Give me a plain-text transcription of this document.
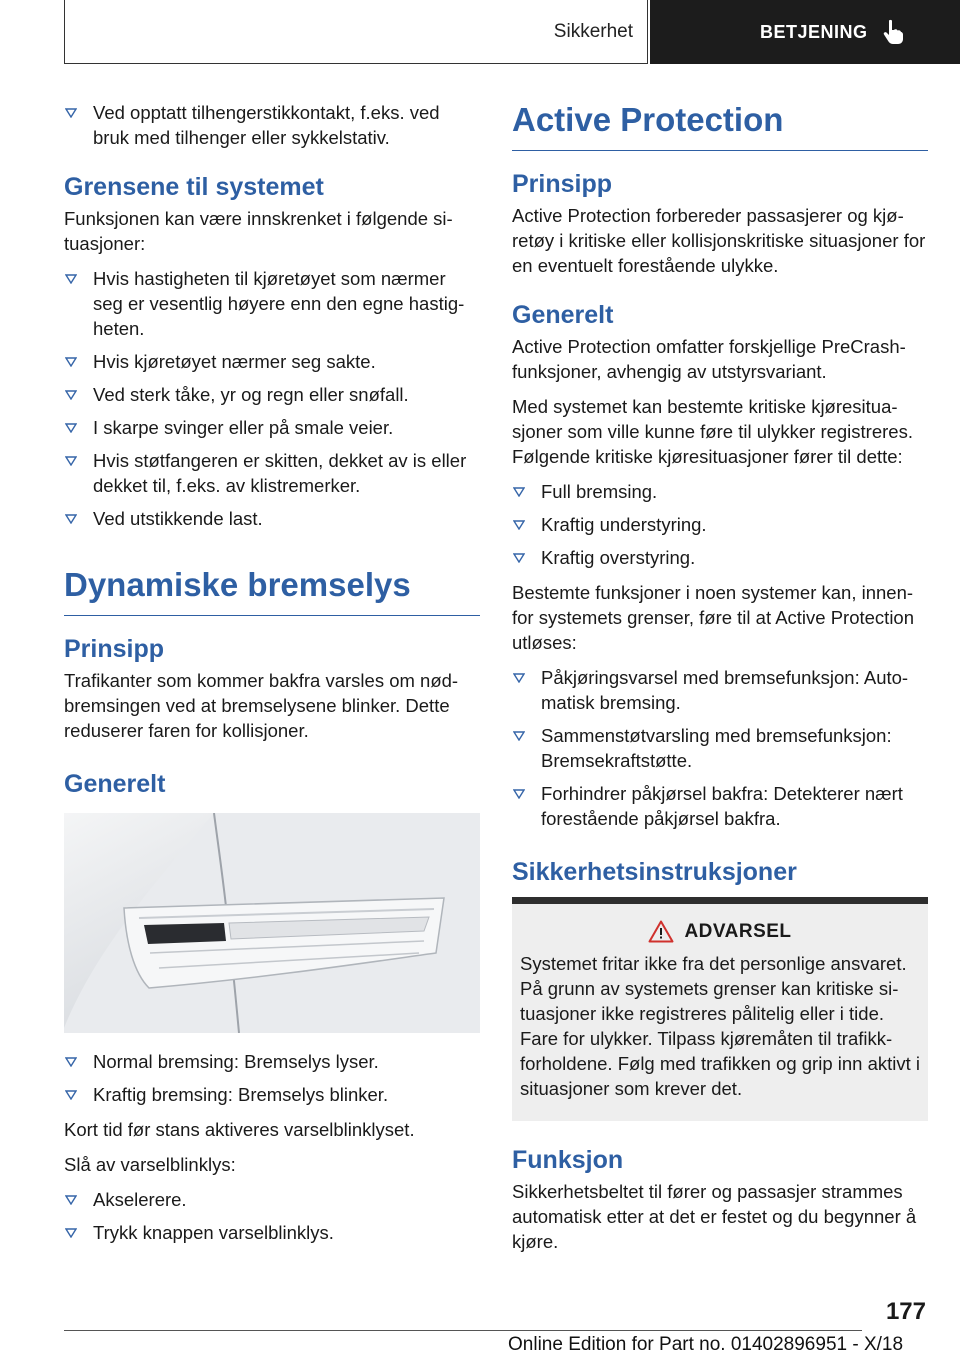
Sikkerhet	BETJENING
Ved opptatt tilhengerstikkontakt, f.eks. ved bruk med tilhenger eller sykkelstativ.
Grensene til systemet

Funksjonen kan være innskrenket i følgende situasjoner:

Hvis hastigheten til kjøretøyet som nærmer seg er vesentlig høyere enn den egne hastigheten.
Hvis kjøretøyet nærmer seg sakte.
Ved sterk tåke, yr og regn eller snøfall.
I skarpe svinger eller på smale veier.
Hvis støtfangeren er skitten, dekket av is eller dekket til, f.eks. av klistremerker.
Ved utstikkende last.
Dynamiske bremselys
Prinsipp

Trafikanter som kommer bakfra varsles om nødbremsingen ved at bremselysene blinker. Dette reduserer faren for kollisjoner.

Generelt
Normal bremsing: Bremselys lyser.
Kraftig bremsing: Bremselys blinker.

Kort tid før stans aktiveres varselblinklyset.

Slå av varselblinklys:

Akselerere.
Trykk knappen varselblinklys.
Active Protection
Prinsipp

Active Protection forbereder passasjerer og kjøretøy i kritiske eller kollisjonskritiske situasjoner for en eventuelt forestående ulykke.

Generelt

Active Protection omfatter forskjellige PreCrash-funksjoner, avhengig av utstyrsvariant.

Med systemet kan bestemte kritiske kjøresituasjoner som ville kunne føre til ulykker registreres. Følgende kritiske kjøresituasjoner fører til dette:

Full bremsing.
Kraftig understyring.
Kraftig overstyring.

Bestemte funksjoner i noen systemer kan, innenfor systemets grenser, føre til at Active Protection utløses:

Påkjøringsvarsel med bremsefunksjon: Automatisk bremsing.
Sammenstøtvarsling med bremsefunksjon: Bremsekraftstøtte.
Forhindrer påkjørsel bakfra: Detekterer nært forestående påkjørsel bakfra.
Sikkerhetsinstruksjoner
ADVARSEL

Systemet fritar ikke fra det personlige ansvaret. På grunn av systemets grenser kan kritiske situasjoner ikke registreres pålitelig eller i tide. Fare for ulykker. Tilpass kjøremåten til trafikkforholdene. Følg med trafikken og grip inn aktivt i situasjoner som krever det.

Funksjon

Sikkerhetsbeltet til fører og passasjer strammes automatisk etter at det er festet og du begynner å kjøre.

177
Online Edition for Part no. 01402896951 - X/18
